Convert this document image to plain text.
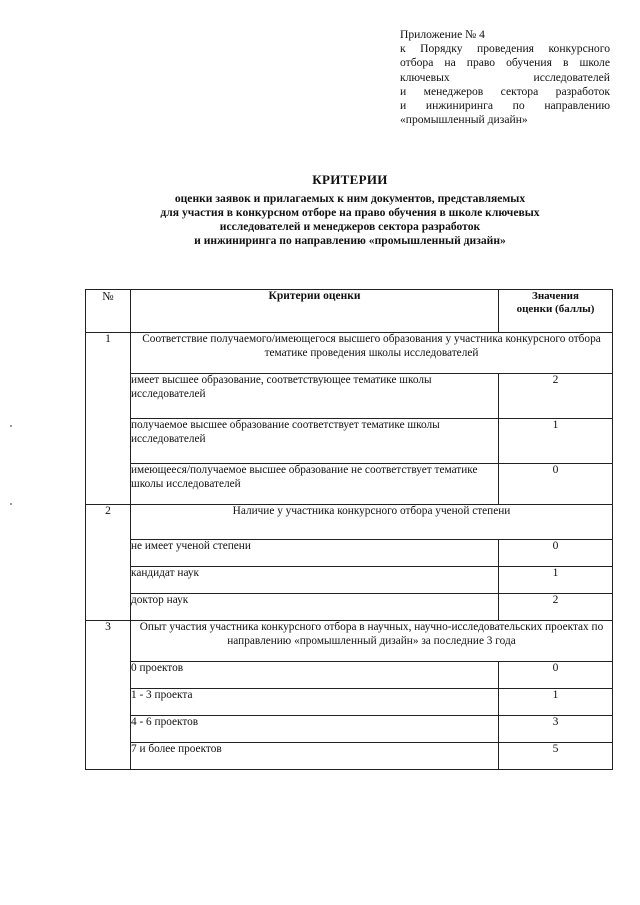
Приложение № 4
к Порядку проведения конкурсного
отбора на право обучения в школе
ключевых исследователей
и менеджеров сектора разработок
и инжиниринга по направлению
«промышленный дизайн»
КРИТЕРИИ
оценки заявок и прилагаемых к ним документов, представляемых
для участия в конкурсном отборе на право обучения в школе ключевых
исследователей и менеджеров сектора разработок
и инжиниринга по направлению «промышленный дизайн»
№	Критерии оценки	Значения
оценки (баллы)

1	Соответствие получаемого/имеющегося высшего образования у участника конкурсного отбора тематике проведения школы исследователей	
	имеет высшее образование, соответствующее тематике школы исследователей	2
	получаемое высшее образование соответствует тематике школы исследователей	1
	имеющееся/получаемое высшее образование не соответствует тематике школы исследователей	0
2	Наличие у участника конкурсного отбора ученой степени	
	не имеет ученой степени	0
	кандидат наук	1
	доктор наук	2
3	Опыт участия участника конкурсного отбора в научных, научно-исследовательских проектах по направлению «промышленный дизайн» за последние 3 года	
	0 проектов	0
	1 - 3 проекта	1
	4 - 6 проектов	3
	7 и более проектов	5
